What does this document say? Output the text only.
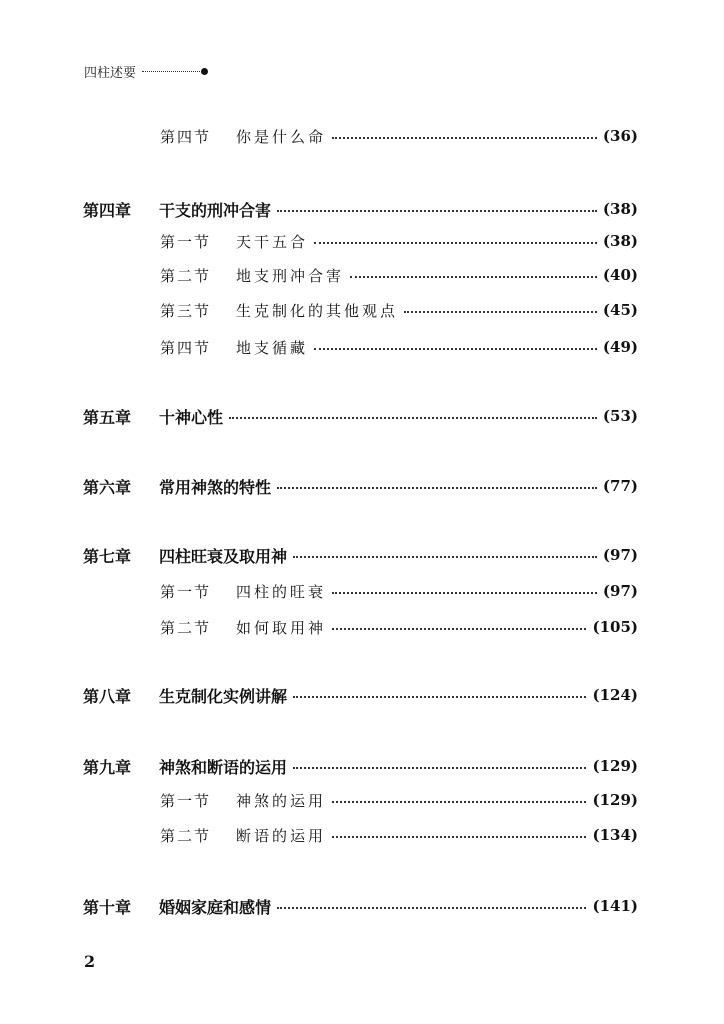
四柱述要
第四节	你是什么命	(36)
第四章	干支的刑冲合害	(38)
第一节	天干五合	(38)
第二节	地支刑冲合害	(40)
第三节	生克制化的其他观点	(45)
第四节	地支循藏	(49)
第五章	十神心性	(53)
第六章	常用神煞的特性	(77)
第七章	四柱旺衰及取用神	(97)
第一节	四柱的旺衰	(97)
第二节	如何取用神	(105)
第八章	生克制化实例讲解	(124)
第九章	神煞和断语的运用	(129)
第一节	神煞的运用	(129)
第二节	断语的运用	(134)
第十章	婚姻家庭和感情	(141)
2
